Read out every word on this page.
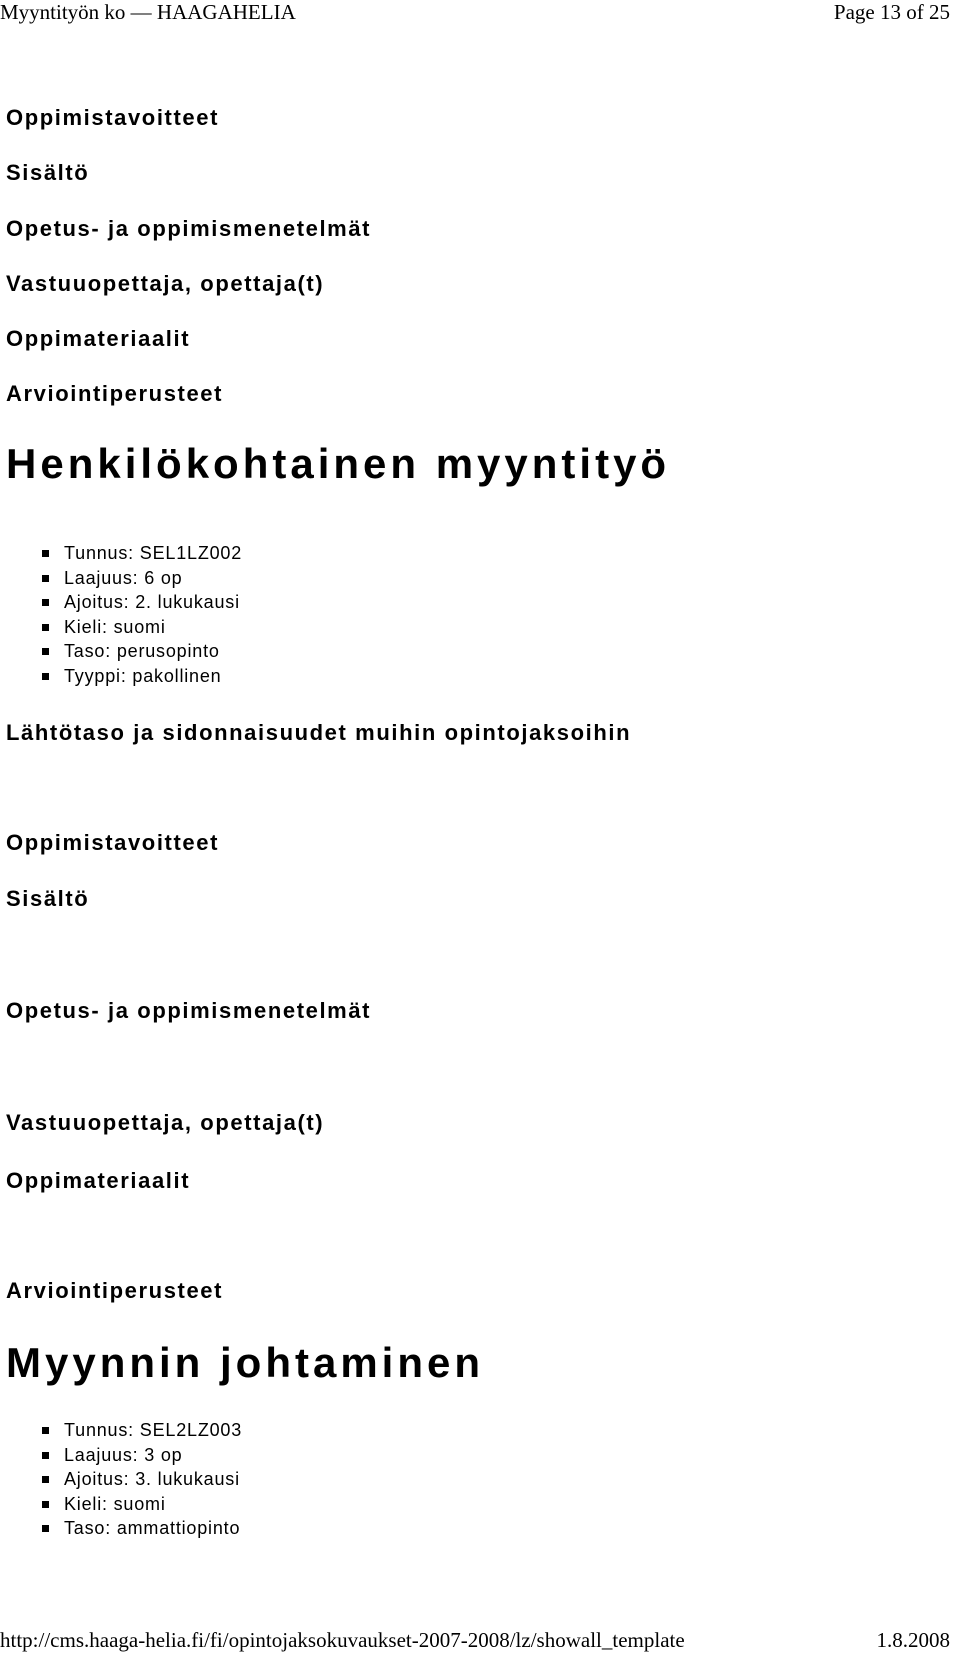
Myyntityön ko — HAAGAHELIA	Page 13 of 25
Oppimistavoitteet
Sisältö
Opetus- ja oppimismenetelmät
Vastuuopettaja, opettaja(t)
Oppimateriaalit
Arviointiperusteet
Henkilökohtainen myyntityö
Tunnus: SEL1LZ002
Laajuus: 6 op
Ajoitus: 2. lukukausi
Kieli: suomi
Taso: perusopinto
Tyyppi: pakollinen
Lähtötaso ja sidonnaisuudet muihin opintojaksoihin
Oppimistavoitteet
Sisältö
Opetus- ja oppimismenetelmät
Vastuuopettaja, opettaja(t)
Oppimateriaalit
Arviointiperusteet
Myynnin johtaminen
Tunnus: SEL2LZ003
Laajuus: 3 op
Ajoitus: 3. lukukausi
Kieli: suomi
Taso: ammattiopinto
http://cms.haaga-helia.fi/fi/opintojaksokuvaukset-2007-2008/lz/showall_template	1.8.2008
